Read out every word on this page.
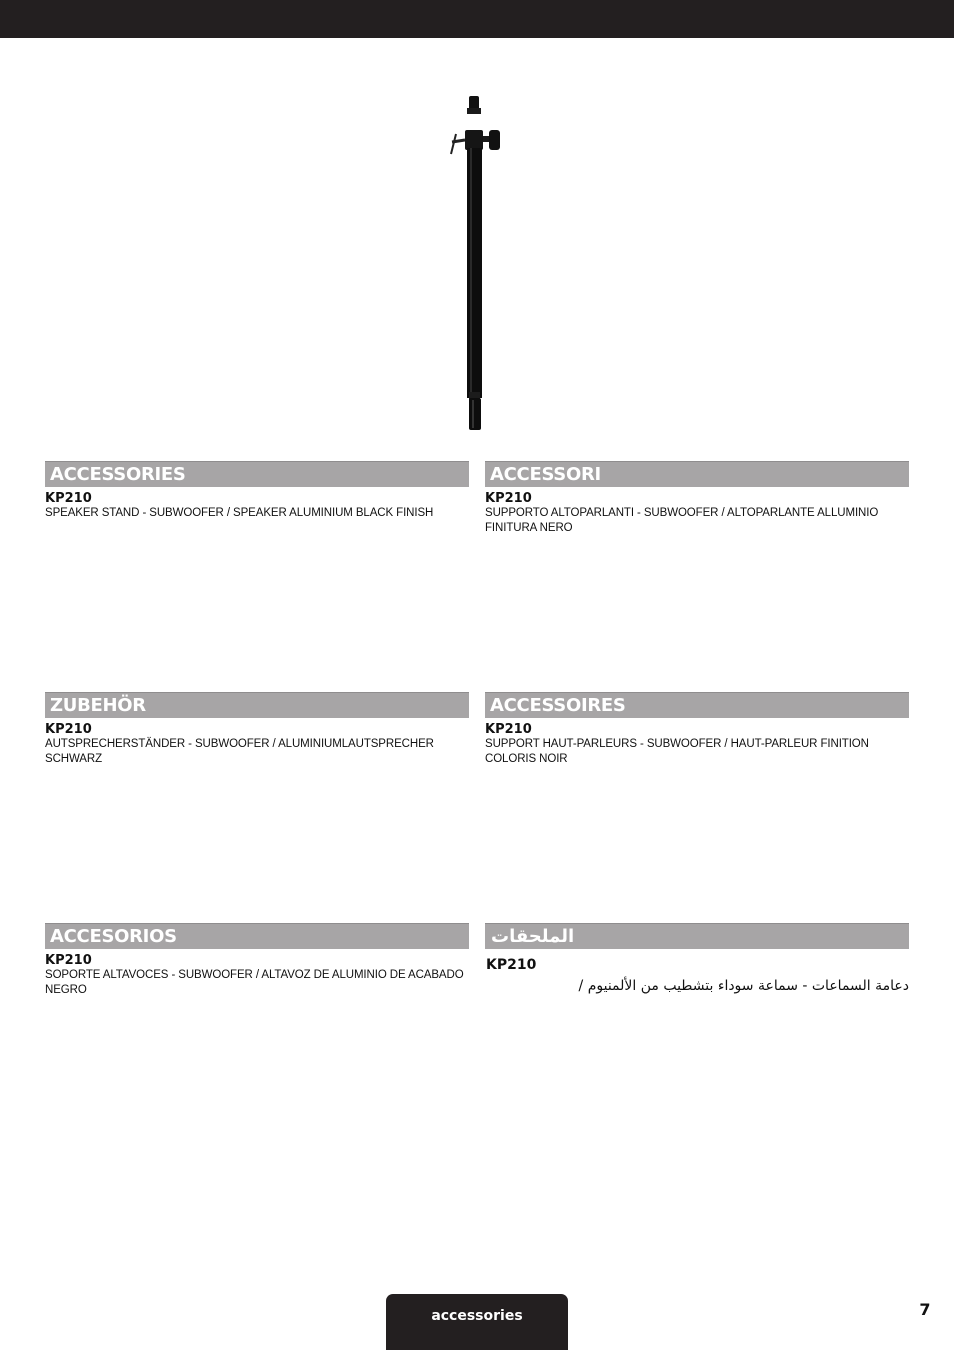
ACCESSORIES
KP210
SPEAKER STAND - SUBWOOFER / SPEAKER ALUMINIUM BLACK FINISH
ACCESSORI
KP210
SUPPORTO ALTOPARLANTI - SUBWOOFER / ALTOPARLANTE ALLUMINIO FINITURA NERO
ZUBEHÖR
KP210
AUTSPRECHERSTÄNDER - SUBWOOFER / ALUMINIUMLAUTSPRECHER SCHWARZ
ACCESSOIRES
KP210
SUPPORT HAUT-PARLEURS - SUBWOOFER / HAUT-PARLEUR FINITION COLORIS NOIR
ACCESORIOS
KP210
SOPORTE ALTAVOCES - SUBWOOFER / ALTAVOZ DE ALUMINIO DE ACABADO NEGRO
الملحقات
KP210
دعامة السماعات - سماعة سوداء بتشطيب من الألمنيوم /
accessories	7
